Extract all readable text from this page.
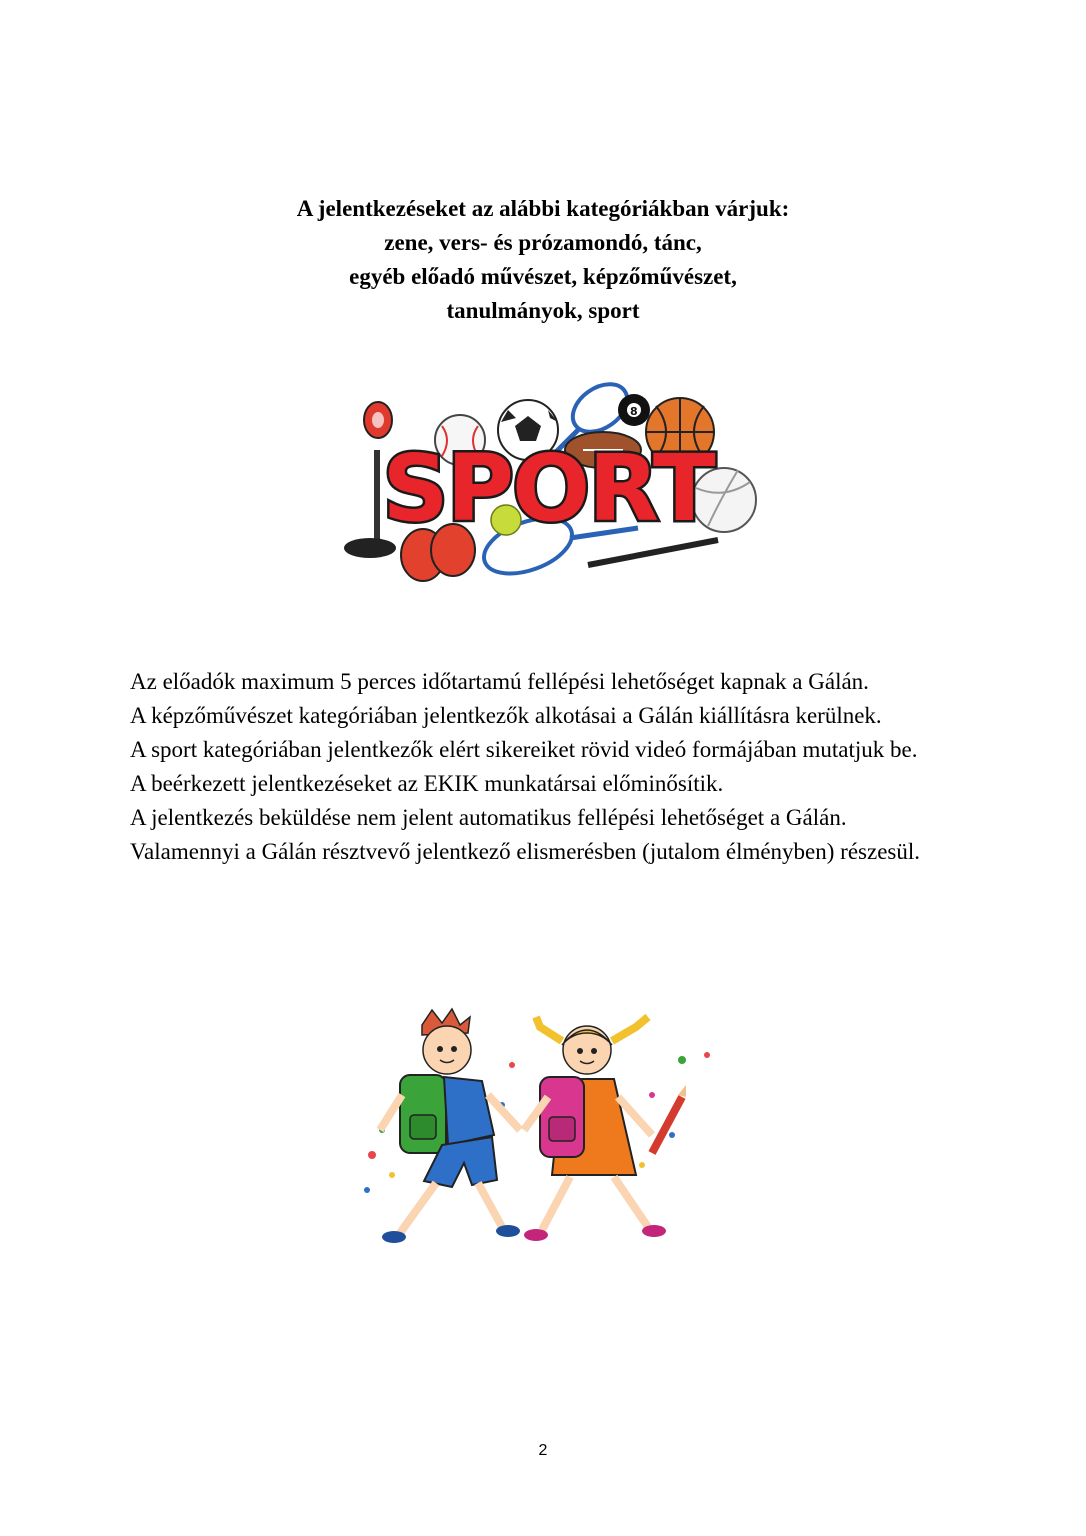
A jelentkezéseket az alábbi kategóriákban várjuk:
zene, vers- és prózamondó, tánc,
egyéb előadó művészet, képzőművészet,
tanulmányok, sport
8
SPORT

Az előadók maximum 5 perces időtartamú fellépési lehetőséget kapnak a Gálán.

A képzőművészet kategóriában jelentkezők alkotásai a Gálán kiállításra kerülnek.

A sport kategóriában jelentkezők elért sikereiket rövid videó formájában mutatjuk be.

A beérkezett jelentkezéseket az EKIK munkatársai előminősítik.

A jelentkezés beküldése nem jelent automatikus fellépési lehetőséget a Gálán.

Valamennyi a Gálán résztvevő jelentkező elismerésben (jutalom élményben) részesül.

2
